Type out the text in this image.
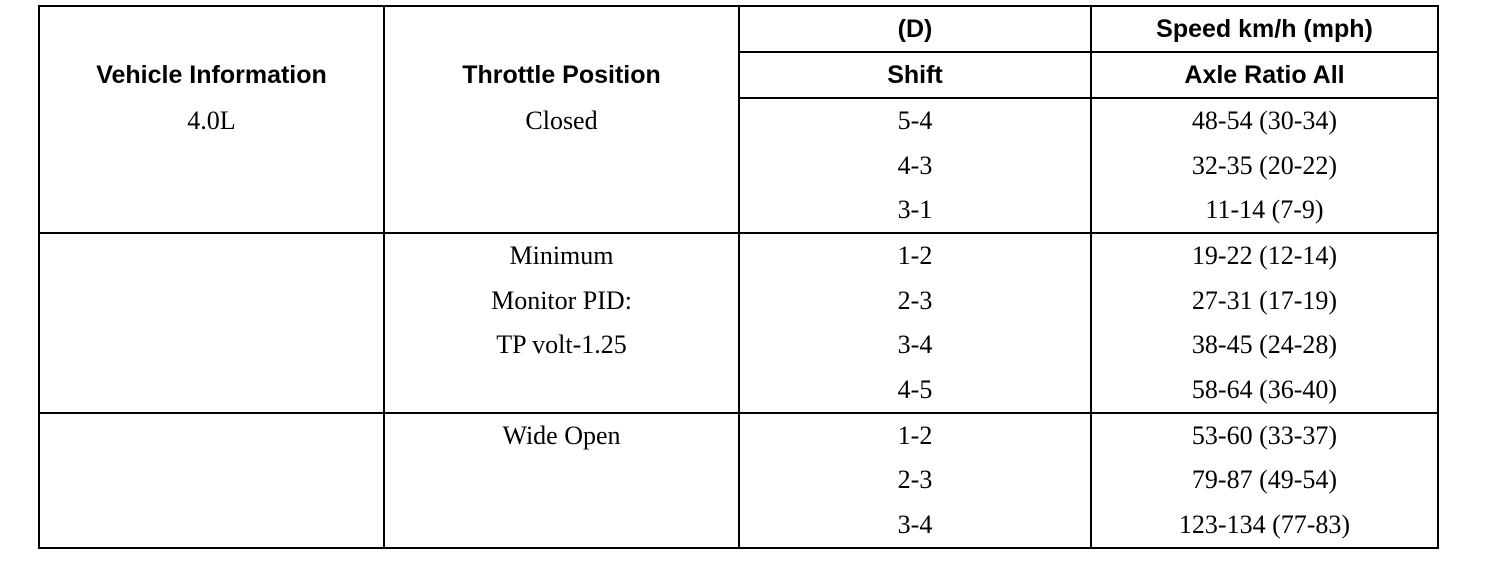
Vehicle Information	Throttle Position	(D)	Speed km/h (mph)
		Shift	Axle Ratio All
4.0L	Closed	5-4	48-54 (30-34)
		4-3	32-35 (20-22)
		3-1	11-14 (7-9)
	Minimum	1-2	19-22 (12-14)
	Monitor PID:	2-3	27-31 (17-19)
	TP volt-1.25	3-4	38-45 (24-28)
		4-5	58-64 (36-40)
	Wide Open	1-2	53-60 (33-37)
		2-3	79-87 (49-54)
		3-4	123-134 (77-83)
